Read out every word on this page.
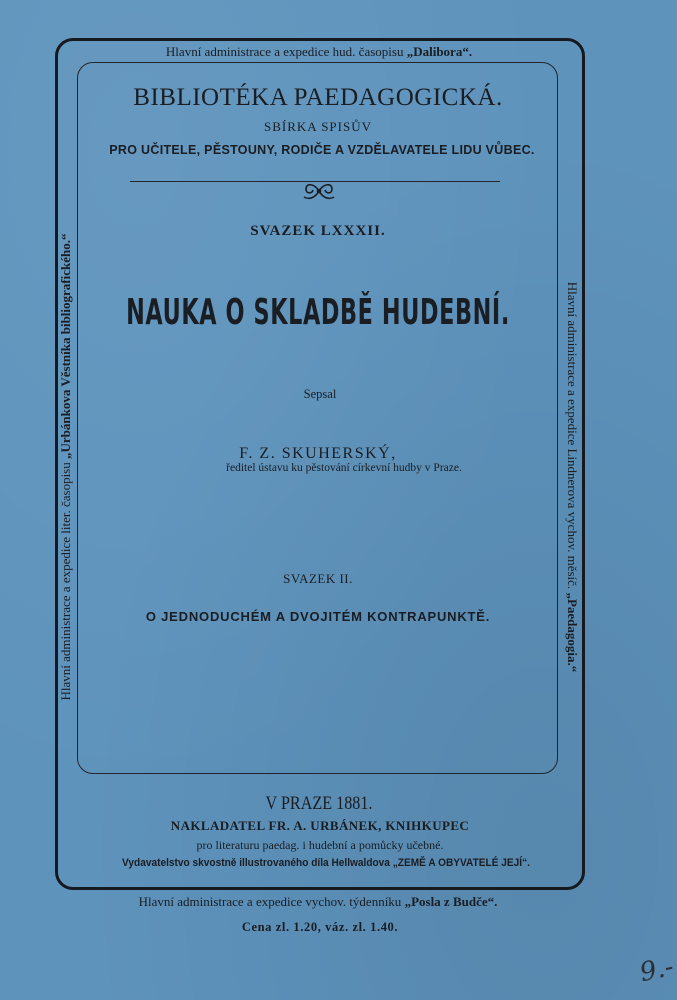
Hlavní administrace a expedice hud. časopisu „Dalibora“.
BIBLIOTÉKA PAEDAGOGICKÁ.
SBÍRKA SPISŮV
PRO UČITELE, PĚSTOUNY, RODIČE A VZDĚLAVATELE LIDU VŮBEC.
SVAZEK LXXXII.
NAUKA O SKLADBĚ HUDEBNÍ.
Sepsal
F. Z. SKUHERSKÝ,
ředitel ústavu ku pěstování církevní hudby v Praze.
SVAZEK II.
O JEDNODUCHÉM A DVOJITÉM KONTRAPUNKTĚ.
V PRAZE 1881.
NAKLADATEL FR. A. URBÁNEK, KNIHKUPEC
pro literaturu paedag. i hudební a pomůcky učebné.
Vydavatelstvo skvostně illustrovaného díla Hellwaldova „ZEMĚ A OBYVATELÉ JEJÍ“.
Hlavní administrace a expedice vychov. týdenníku „Posla z Budče“.
Hlavní administrace a expedice liter. časopisu „Urbánkova Věstníka bibliografického.“	Hlavní administrace a expedice Lindnerova vychov. měsíč. „Paedagogia.“
Cena zl. 1.20, váz. zl. 1.40.
9.-
